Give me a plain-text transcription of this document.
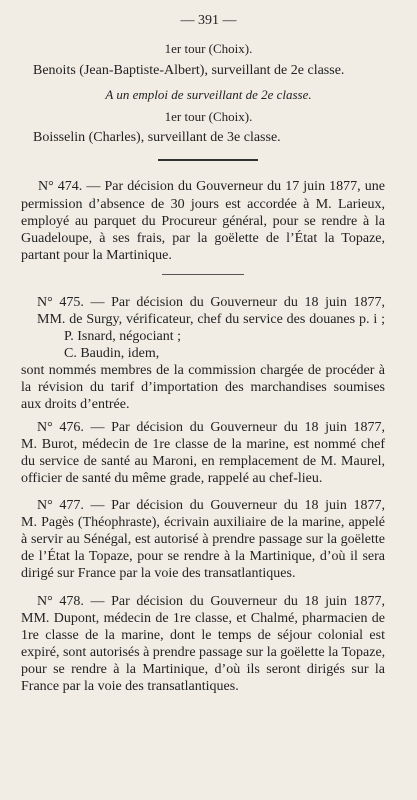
— 391 —
1er tour (Choix).
Benoits (Jean-Baptiste-Albert), surveillant de 2e classe.
A un emploi de surveillant de 2e classe.
1er tour (Choix).
Boisselin (Charles), surveillant de 3e classe.
N° 474. — Par décision du Gouverneur du 17 juin 1877, une
permission d’absence de 30 jours est accordée à M. Larieux,
employé au parquet du Procureur général, pour se rendre à la
Guadeloupe, à ses frais, par la goëlette de l’État la Topaze,
partant pour la Martinique.
N° 475. — Par décision du Gouverneur du 18 juin 1877,
MM. de Surgy, vérificateur, chef du service des douanes p. i ;
P. Isnard, négociant ;
C. Baudin, idem,
sont nommés membres de la commission chargée de procéder à
la révision du tarif d’importation des marchandises soumises
aux droits d’entrée.
N° 476. — Par décision du Gouverneur du 18 juin 1877,
M. Burot, médecin de 1re classe de la marine, est nommé chef
du service de santé au Maroni, en remplacement de M. Maurel,
officier de santé du même grade, rappelé au chef-lieu.
N° 477. — Par décision du Gouverneur du 18 juin 1877,
M. Pagès (Théophraste), écrivain auxiliaire de la marine, appelé
à servir au Sénégal, est autorisé à prendre passage sur la goëlette
de l’État la Topaze, pour se rendre à la Martinique, d’où il sera
dirigé sur France par la voie des transatlantiques.
N° 478. — Par décision du Gouverneur du 18 juin 1877,
MM. Dupont, médecin de 1re classe, et Chalmé, pharmacien de
1re classe de la marine, dont le temps de séjour colonial est
expiré, sont autorisés à prendre passage sur la goëlette la Topaze,
pour se rendre à la Martinique, d’où ils seront dirigés sur la
France par la voie des transatlantiques.
